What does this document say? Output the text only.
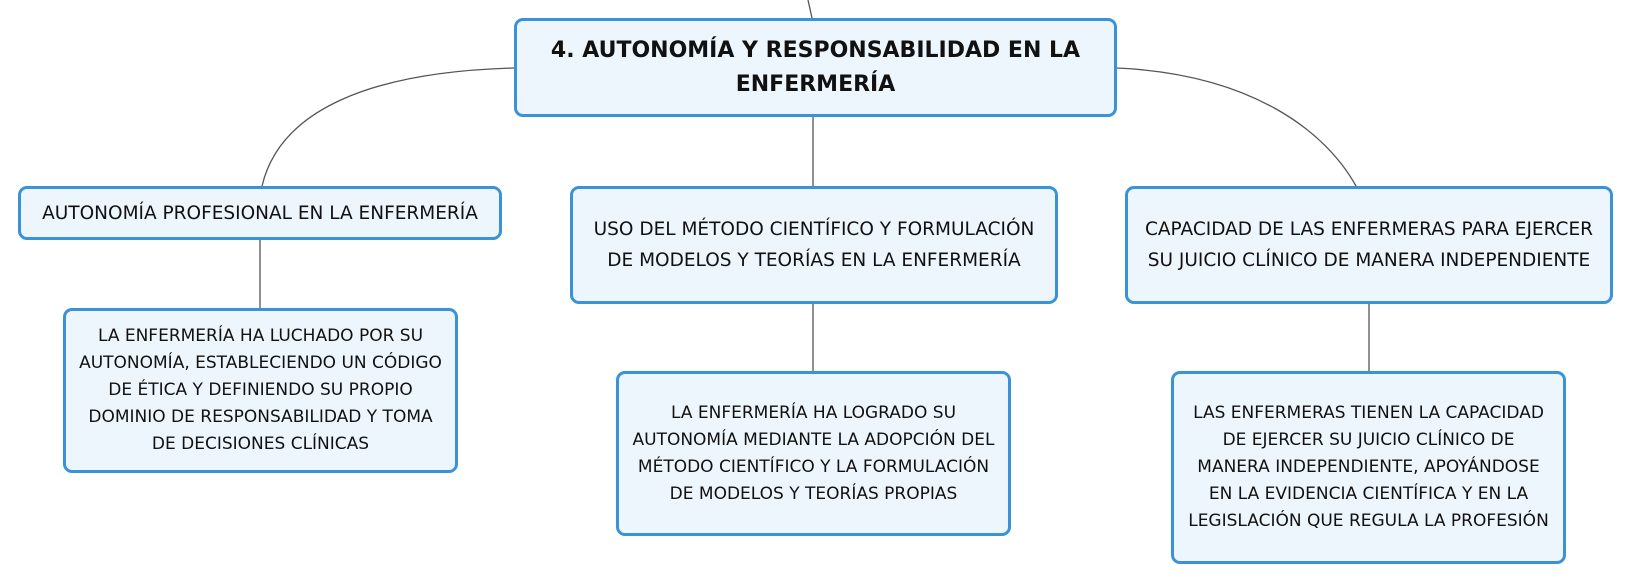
4. AUTONOMÍA Y RESPONSABILIDAD EN LA ENFERMERÍA
AUTONOMÍA PROFESIONAL EN LA ENFERMERÍA
USO DEL MÉTODO CIENTÍFICO Y FORMULACIÓN DE MODELOS Y TEORÍAS EN LA ENFERMERÍA
CAPACIDAD DE LAS ENFERMERAS PARA EJERCER SU JUICIO CLÍNICO DE MANERA INDEPENDIENTE
LA ENFERMERÍA HA LUCHADO POR SU AUTONOMÍA, ESTABLECIENDO UN CÓDIGO DE ÉTICA Y DEFINIENDO SU PROPIO DOMINIO DE RESPONSABILIDAD Y TOMA DE DECISIONES CLÍNICAS
LA ENFERMERÍA HA LOGRADO SU AUTONOMÍA MEDIANTE LA ADOPCIÓN DEL MÉTODO CIENTÍFICO Y LA FORMULACIÓN DE MODELOS Y TEORÍAS PROPIAS
LAS ENFERMERAS TIENEN LA CAPACIDAD DE EJERCER SU JUICIO CLÍNICO DE MANERA INDEPENDIENTE, APOYÁNDOSE EN LA EVIDENCIA CIENTÍFICA Y EN LA LEGISLACIÓN QUE REGULA LA PROFESIÓN
